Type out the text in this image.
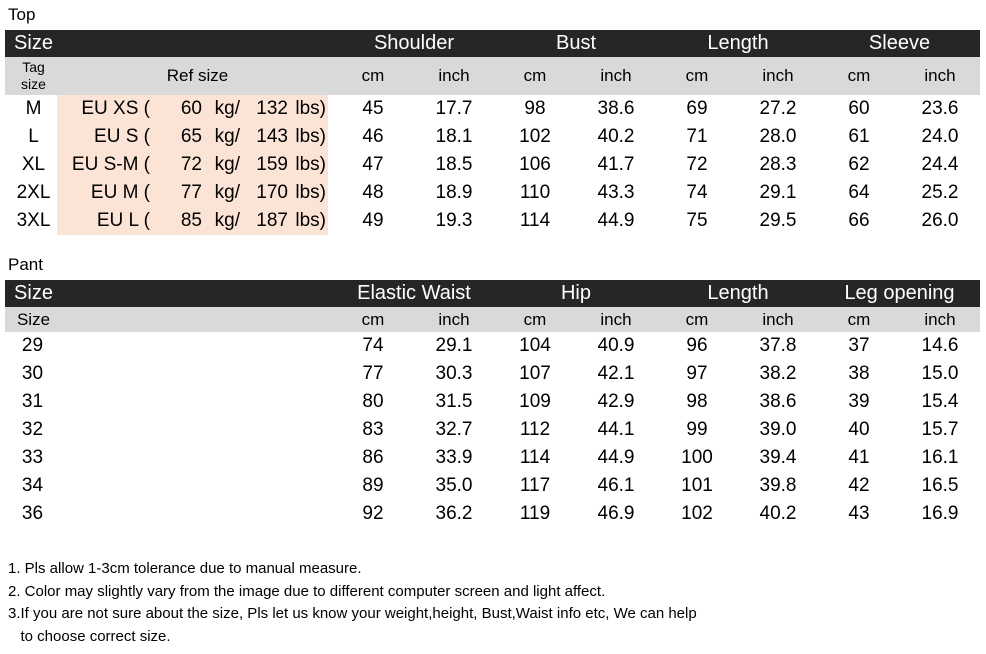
Top
Size	Shoulder	Bust	Length	Sleeve
Tag
size	Ref size	cm	inch	cm	inch	cm	inch	cm	inch
M	EU XS ( 60 kg/ 132 lbs)	45	17.7	98	38.6	69	27.2	60	23.6
L	EU S ( 65 kg/ 143 lbs)	46	18.1	102	40.2	71	28.0	61	24.0
XL	EU S-M ( 72 kg/ 159 lbs)	47	18.5	106	41.7	72	28.3	62	24.4
2XL	EU M ( 77 kg/ 170 lbs)	48	18.9	110	43.3	74	29.1	64	25.2
3XL	EU L ( 85 kg/ 187 lbs)	49	19.3	114	44.9	75	29.5	66	26.0
Pant
Size	Elastic Waist	Hip	Length	Leg opening
Size	cm	inch	cm	inch	cm	inch	cm	inch
29	74	29.1	104	40.9	96	37.8	37	14.6
30	77	30.3	107	42.1	97	38.2	38	15.0
31	80	31.5	109	42.9	98	38.6	39	15.4
32	83	32.7	112	44.1	99	39.0	40	15.7
33	86	33.9	114	44.9	100	39.4	41	16.1
34	89	35.0	117	46.1	101	39.8	42	16.5
36	92	36.2	119	46.9	102	40.2	43	16.9
1. Pls allow 1-3cm tolerance due to manual measure.
2. Color may slightly vary from the image due to different computer screen and light affect.
3.If you are not sure about the size, Pls let us know your weight,height, Bust,Waist info etc, We can help
to choose correct size.
